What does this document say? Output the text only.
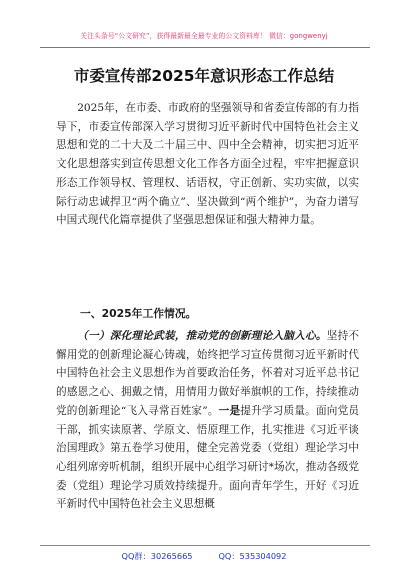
关注头条号“公文研究”，获得最新最全最专业的公文资料库！ 微信：gongwenyj
市委宣传部2025年意识形态工作总结
2025年，在市委、市政府的坚强领导和省委宣传部的有力指导下，市委宣传部深入学习贯彻习近平新时代中国特色社会主义思想和党的二十大及二十届三中、四中全会精神，切实把习近平文化思想落实到宣传思想文化工作各方面全过程，牢牢把握意识形态工作领导权、管理权、话语权，守正创新、实功实做，以实际行动忠诚捍卫“两个确立”、坚决做到“两个维护”，为奋力谱写中国式现代化篇章提供了坚强思想保证和强大精神力量。
一、2025年工作情况。
（一）深化理论武装，推动党的创新理论入脑入心。坚持不懈用党的创新理论凝心铸魂，始终把学习宣传贯彻习近平新时代中国特色社会主义思想作为首要政治任务，怀着对习近平总书记的感恩之心、拥戴之情，用情用力做好举旗帜的工作，持续推动党的创新理论“飞入寻常百姓家”。一是提升学习质量。面向党员干部，抓实读原著、学原文、悟原理工作，扎实推进《习近平谈治国理政》第五卷学习使用，健全完善党委（党组）理论学习中心组列席旁听机制，组织开展中心组学习研讨*场次，推动各级党委（党组）理论学习质效持续提升。面向青年学生，开好《习近平新时代中国特色社会主义思想概
QQ群：30265665	QQ：535304092
